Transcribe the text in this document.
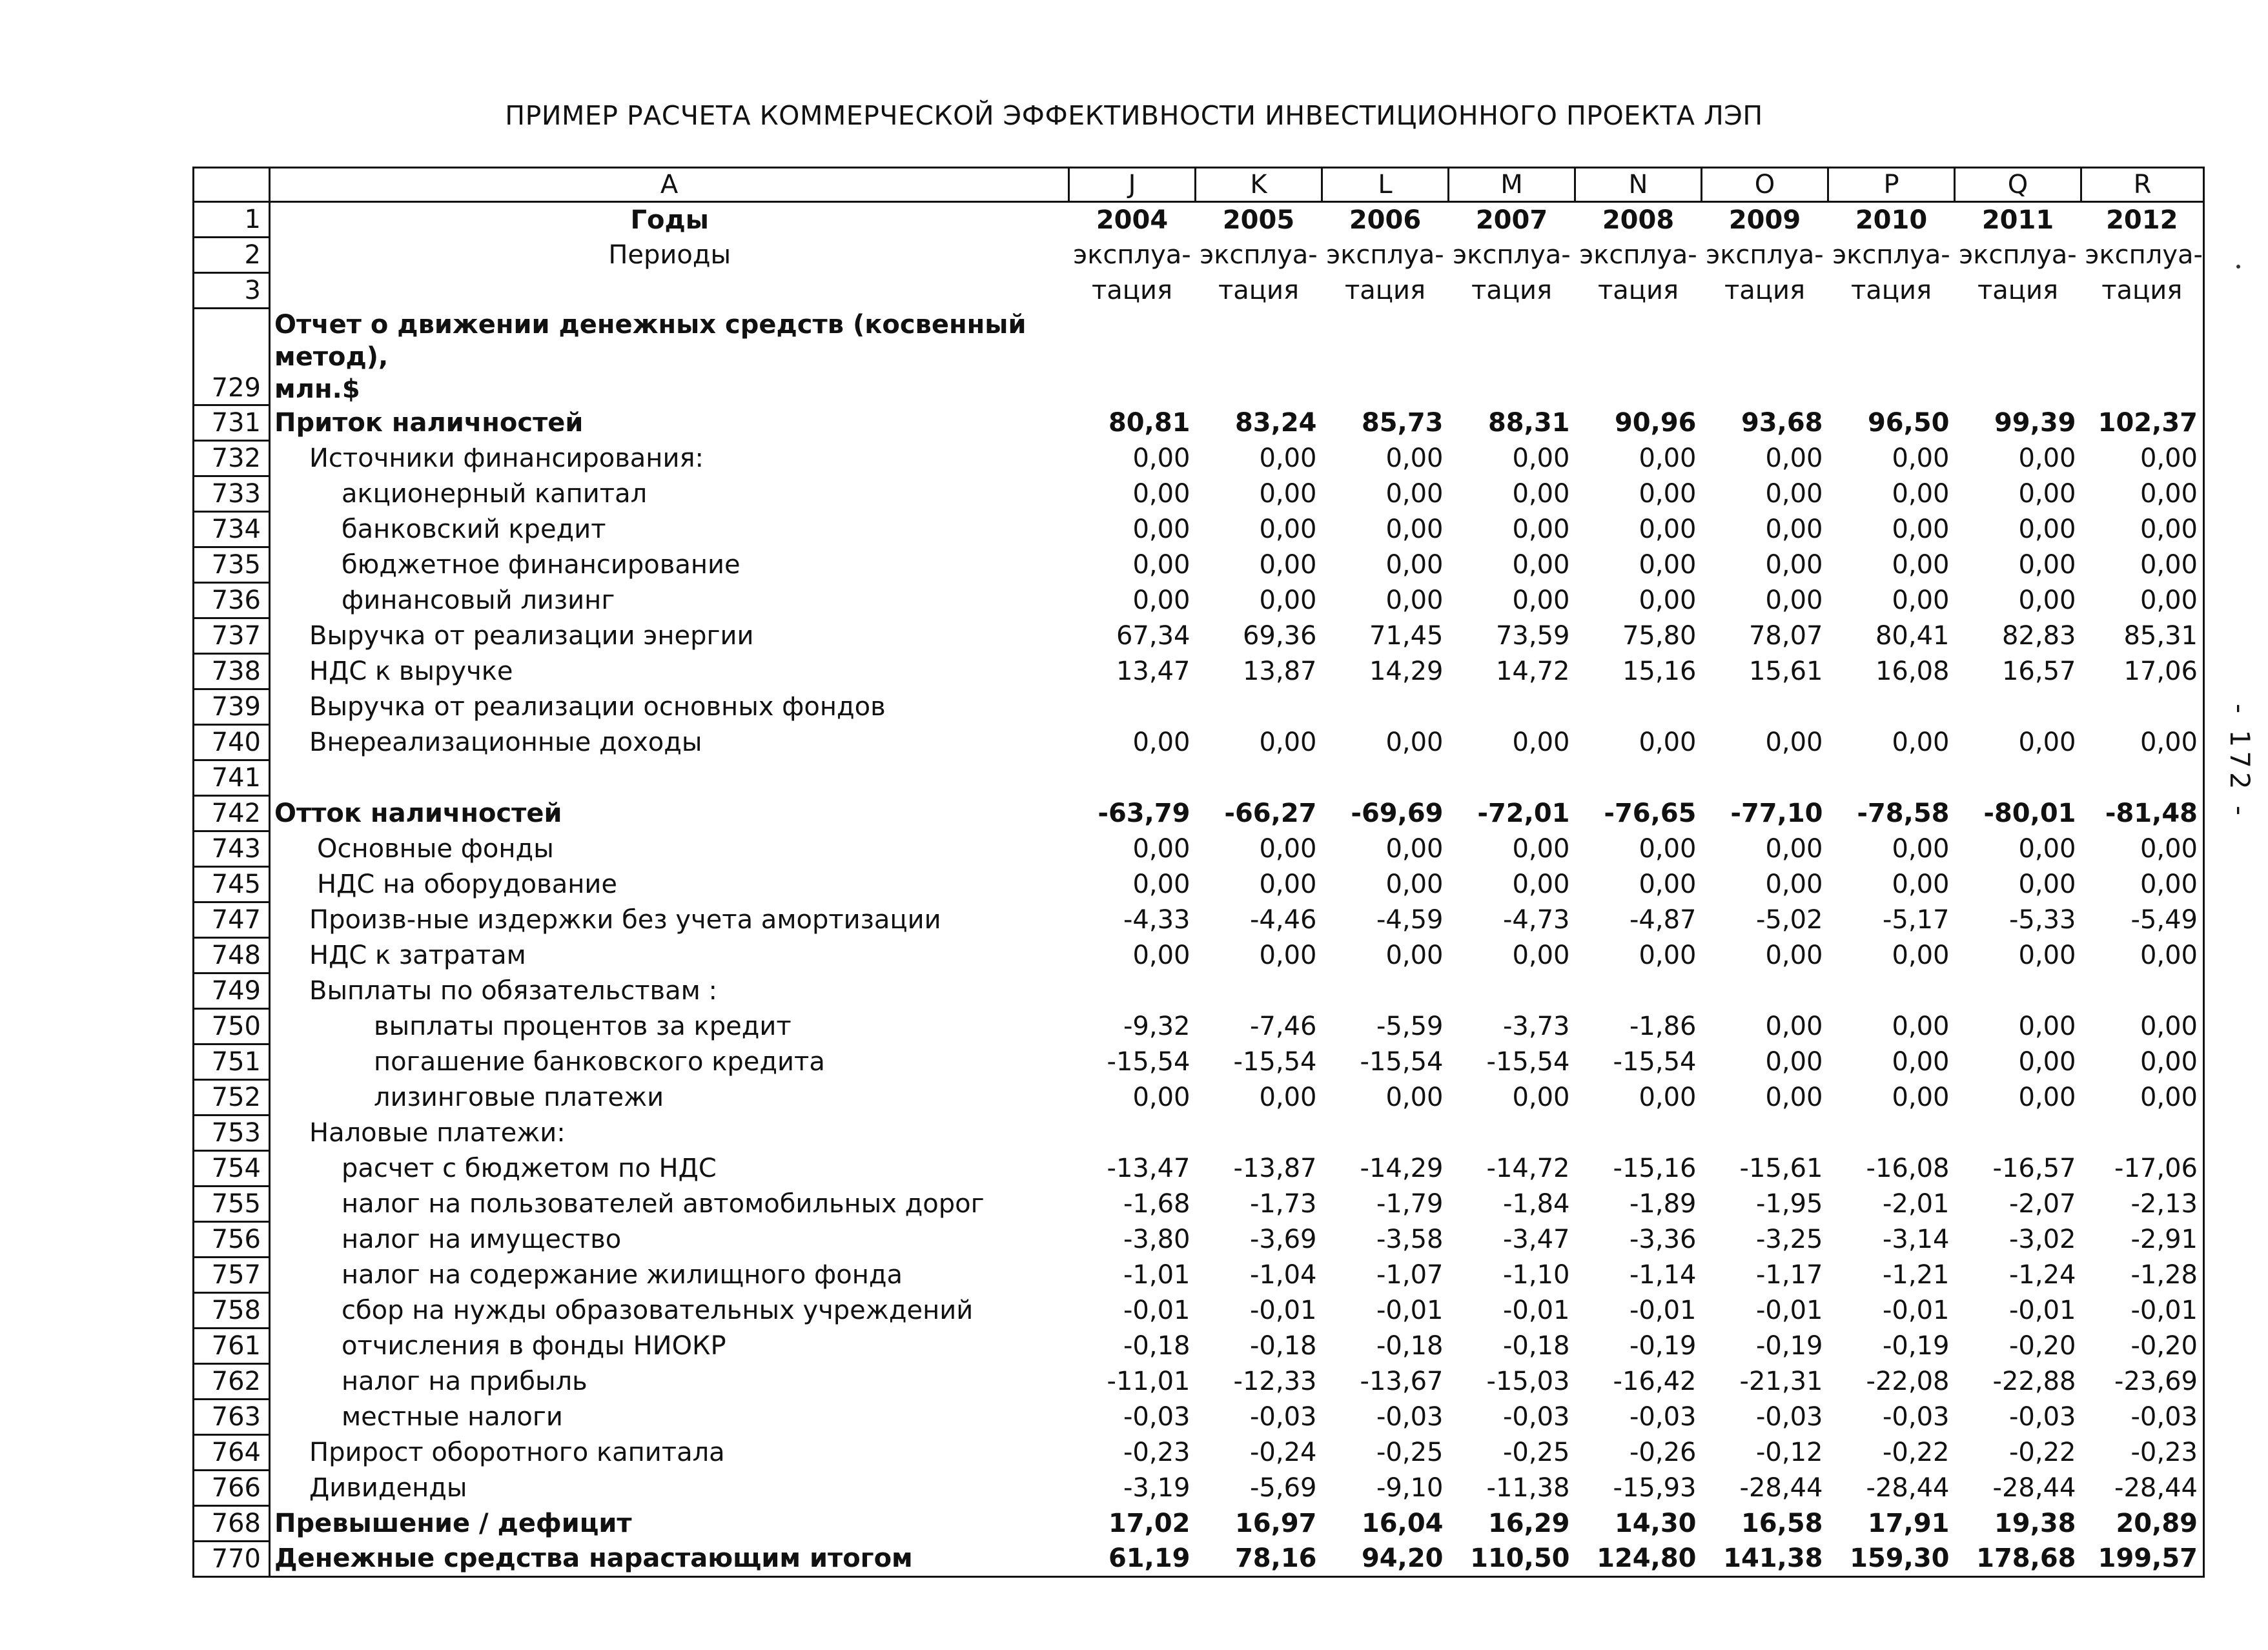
ПРИМЕР РАСЧЕТА КОММЕРЧЕСКОЙ ЭФФЕКТИВНОСТИ ИНВЕСТИЦИОННОГО ПРОЕКТА ЛЭП
- 172 -
	A	J	K	L	M	N	O	P	Q	R
1	Годы	2004	2005	2006	2007	2008	2009	2010	2011	2012
2	Периоды	эксплуа-	эксплуа-	эксплуа-	эксплуа-	эксплуа-	эксплуа-	эксплуа-	эксплуа-	эксплуа-
3		тация	тация	тация	тация	тация	тация	тация	тация	тация
729	Отчет о движении денежных средств (косвенный метод),
млн.$									
731	Приток наличностей	80,81	83,24	85,73	88,31	90,96	93,68	96,50	99,39	102,37
732	Источники финансирования:	0,00	0,00	0,00	0,00	0,00	0,00	0,00	0,00	0,00
733	акционерный капитал	0,00	0,00	0,00	0,00	0,00	0,00	0,00	0,00	0,00
734	банковский кредит	0,00	0,00	0,00	0,00	0,00	0,00	0,00	0,00	0,00
735	бюджетное финансирование	0,00	0,00	0,00	0,00	0,00	0,00	0,00	0,00	0,00
736	финансовый лизинг	0,00	0,00	0,00	0,00	0,00	0,00	0,00	0,00	0,00
737	Выручка от реализации энергии	67,34	69,36	71,45	73,59	75,80	78,07	80,41	82,83	85,31
738	НДС к выручке	13,47	13,87	14,29	14,72	15,16	15,61	16,08	16,57	17,06
739	Выручка от реализации основных фондов									
740	Внереализационные доходы	0,00	0,00	0,00	0,00	0,00	0,00	0,00	0,00	0,00
741										
742	Отток наличностей	-63,79	-66,27	-69,69	-72,01	-76,65	-77,10	-78,58	-80,01	-81,48
743	Основные фонды	0,00	0,00	0,00	0,00	0,00	0,00	0,00	0,00	0,00
745	НДС на оборудование	0,00	0,00	0,00	0,00	0,00	0,00	0,00	0,00	0,00
747	Произв-ные издержки без учета амортизации	-4,33	-4,46	-4,59	-4,73	-4,87	-5,02	-5,17	-5,33	-5,49
748	НДС к затратам	0,00	0,00	0,00	0,00	0,00	0,00	0,00	0,00	0,00
749	Выплаты по обязательствам :									
750	выплаты процентов за кредит	-9,32	-7,46	-5,59	-3,73	-1,86	0,00	0,00	0,00	0,00
751	погашение банковского кредита	-15,54	-15,54	-15,54	-15,54	-15,54	0,00	0,00	0,00	0,00
752	лизинговые платежи	0,00	0,00	0,00	0,00	0,00	0,00	0,00	0,00	0,00
753	Наловые платежи:									
754	расчет с бюджетом по НДС	-13,47	-13,87	-14,29	-14,72	-15,16	-15,61	-16,08	-16,57	-17,06
755	налог на пользователей автомобильных дорог	-1,68	-1,73	-1,79	-1,84	-1,89	-1,95	-2,01	-2,07	-2,13
756	налог на имущество	-3,80	-3,69	-3,58	-3,47	-3,36	-3,25	-3,14	-3,02	-2,91
757	налог на содержание жилищного фонда	-1,01	-1,04	-1,07	-1,10	-1,14	-1,17	-1,21	-1,24	-1,28
758	сбор на нужды образовательных учреждений	-0,01	-0,01	-0,01	-0,01	-0,01	-0,01	-0,01	-0,01	-0,01
761	отчисления в фонды НИОКР	-0,18	-0,18	-0,18	-0,18	-0,19	-0,19	-0,19	-0,20	-0,20
762	налог на прибыль	-11,01	-12,33	-13,67	-15,03	-16,42	-21,31	-22,08	-22,88	-23,69
763	местные налоги	-0,03	-0,03	-0,03	-0,03	-0,03	-0,03	-0,03	-0,03	-0,03
764	Прирост оборотного капитала	-0,23	-0,24	-0,25	-0,25	-0,26	-0,12	-0,22	-0,22	-0,23
766	Дивиденды	-3,19	-5,69	-9,10	-11,38	-15,93	-28,44	-28,44	-28,44	-28,44
768	Превышение / дефицит	17,02	16,97	16,04	16,29	14,30	16,58	17,91	19,38	20,89
770	Денежные средства нарастающим итогом	61,19	78,16	94,20	110,50	124,80	141,38	159,30	178,68	199,57
